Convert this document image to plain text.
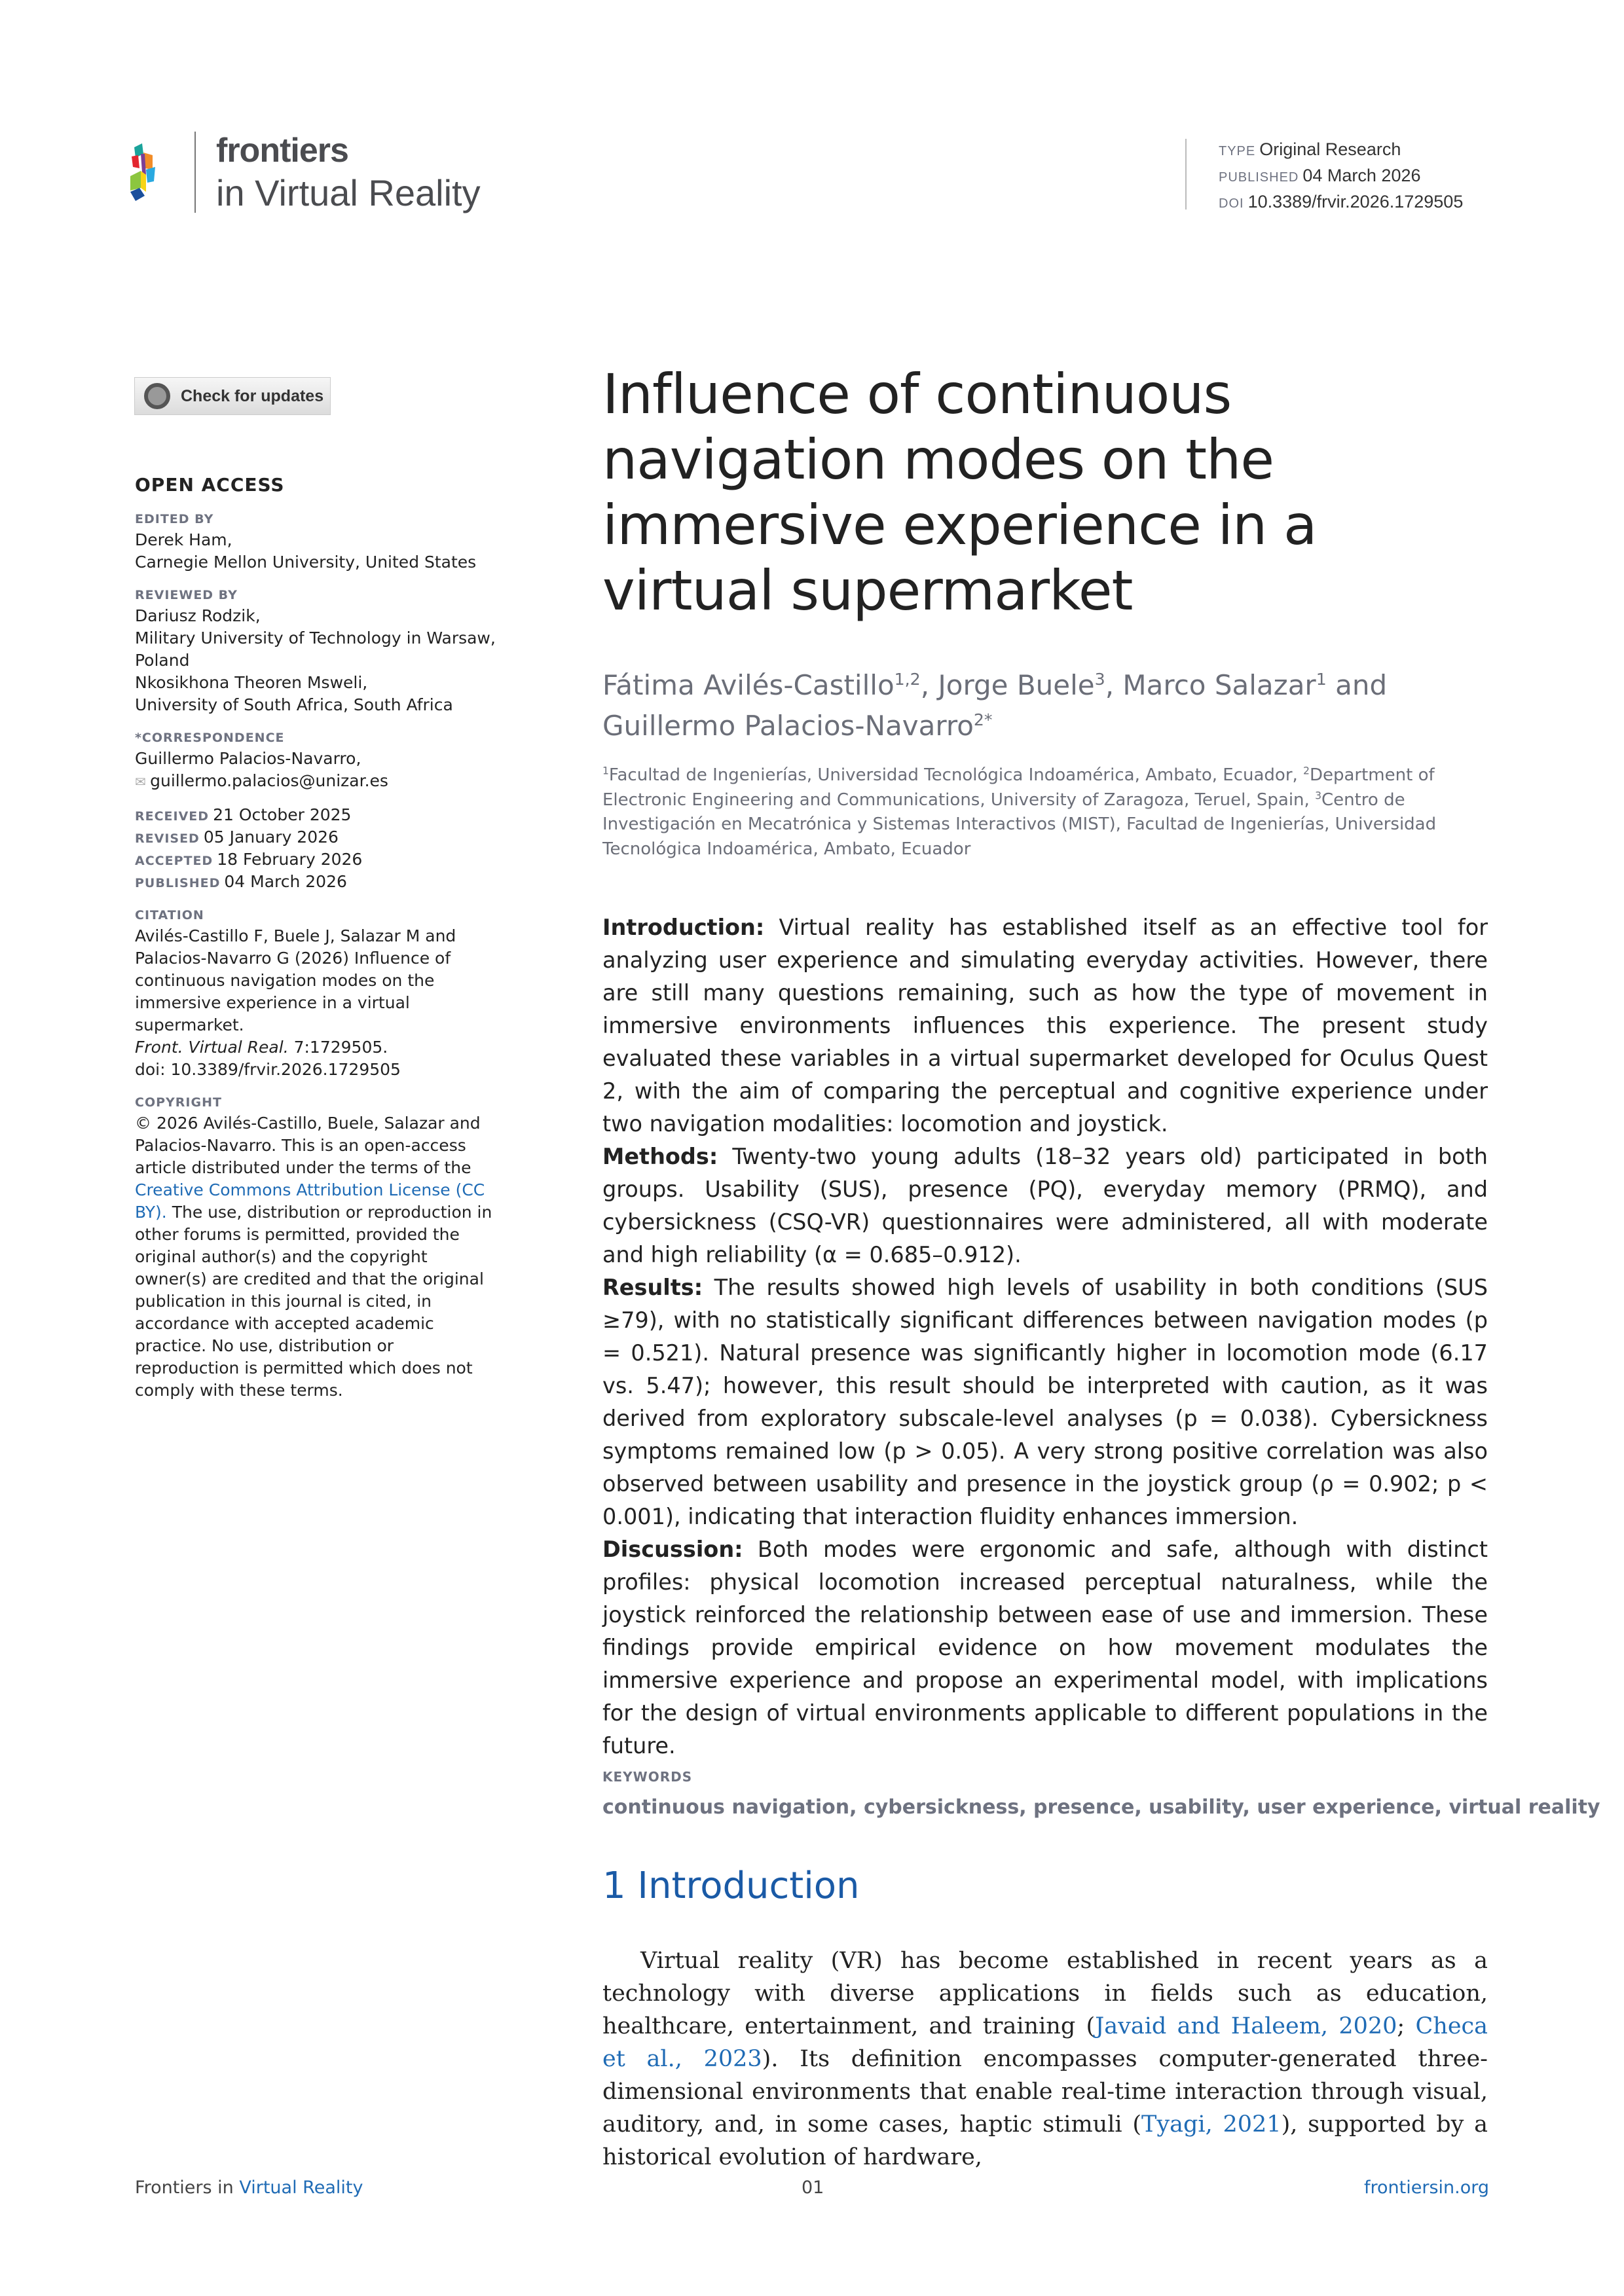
frontiers
in Virtual Reality
TYPE Original Research
PUBLISHED 04 March 2026
DOI 10.3389/frvir.2026.1729505
Check for updates
OPEN ACCESS
EDITED BY
Derek Ham,
Carnegie Mellon University, United States
REVIEWED BY
Dariusz Rodzik,
Military University of Technology in Warsaw, Poland
Nkosikhona Theoren Msweli,
University of South Africa, South Africa
*CORRESPONDENCE
Guillermo Palacios-Navarro,
✉ guillermo.palacios@unizar.es
RECEIVED 21 October 2025
REVISED 05 January 2026
ACCEPTED 18 February 2026
PUBLISHED 04 March 2026
CITATION
Avilés-Castillo F, Buele J, Salazar M and Palacios-Navarro G (2026) Influence of continuous navigation modes on the immersive experience in a virtual supermarket.
Front. Virtual Real. 7:1729505.
doi: 10.3389/frvir.2026.1729505
COPYRIGHT
© 2026 Avilés-Castillo, Buele, Salazar and Palacios-Navarro. This is an open-access article distributed under the terms of the Creative Commons Attribution License (CC BY). The use, distribution or reproduction in other forums is permitted, provided the original author(s) and the copyright owner(s) are credited and that the original publication in this journal is cited, in accordance with accepted academic practice. No use, distribution or reproduction is permitted which does not comply with these terms.
Influence of continuous navigation modes on the immersive experience in a virtual supermarket
Fátima Avilés-Castillo$^{1,2}$, Jorge Buele$^3$, Marco Salazar$^1$ and
Guillermo Palacios-Navarro$^{2*}$
$^1$Facultad de Ingenierías, Universidad Tecnológica Indoamérica, Ambato, Ecuador, $^2$Department of Electronic Engineering and Communications, University of Zaragoza, Teruel, Spain, $^3$Centro de Investigación en Mecatrónica y Sistemas Interactivos (MIST), Facultad de Ingenierías, Universidad Tecnológica Indoamérica, Ambato, Ecuador

Introduction: Virtual reality has established itself as an effective tool for analyzing user experience and simulating everyday activities. However, there are still many questions remaining, such as how the type of movement in immersive environments influences this experience. The present study evaluated these variables in a virtual supermarket developed for Oculus Quest 2, with the aim of comparing the perceptual and cognitive experience under two navigation modalities: locomotion and joystick.

Methods: Twenty-two young adults (18–32 years old) participated in both groups. Usability (SUS), presence (PQ), everyday memory (PRMQ), and cybersickness (CSQ-VR) questionnaires were administered, all with moderate and high reliability (α = 0.685–0.912).

Results: The results showed high levels of usability in both conditions (SUS ≥79), with no statistically significant differences between navigation modes (p = 0.521). Natural presence was significantly higher in locomotion mode (6.17 vs. 5.47); however, this result should be interpreted with caution, as it was derived from exploratory subscale-level analyses (p = 0.038). Cybersickness symptoms remained low (p > 0.05). A very strong positive correlation was also observed between usability and presence in the joystick group (ρ = 0.902; p < 0.001), indicating that interaction fluidity enhances immersion.

Discussion: Both modes were ergonomic and safe, although with distinct profiles: physical locomotion increased perceptual naturalness, while the joystick reinforced the relationship between ease of use and immersion. These findings provide empirical evidence on how movement modulates the immersive experience and propose an experimental model, with implications for the design of virtual environments applicable to different populations in the future.

KEYWORDS
continuous navigation, cybersickness, presence, usability, user experience, virtual reality
1 Introduction
Virtual reality (VR) has become established in recent years as a technology with diverse applications in fields such as education, healthcare, entertainment, and training (Javaid and Haleem, 2020; Checa et al., 2023). Its definition encompasses computer-generated three-dimensional environments that enable real-time interaction through visual, auditory, and, in some cases, haptic stimuli (Tyagi, 2021), supported by a historical evolution of hardware,
Frontiers in Virtual Reality	01	frontiersin.org
